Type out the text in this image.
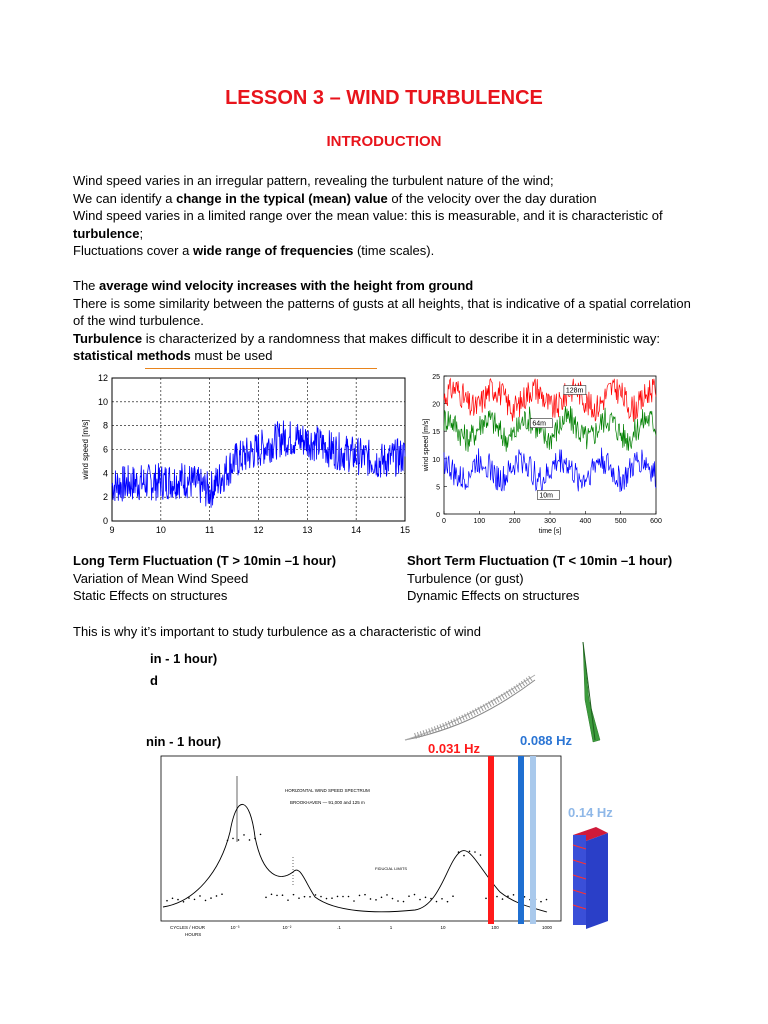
LESSON 3 – WIND TURBULENCE
INTRODUCTION

Wind speed varies in an irregular pattern, revealing the turbulent nature of the wind;

We can identify a change in the typical (mean) value of the velocity over the day duration

Wind speed varies in a limited range over the mean value: this is measurable, and it is characteristic of turbulence;

Fluctuations cover a wide range of frequencies (time scales).

The average wind velocity increases with the height from ground

There is some similarity between the patterns of gusts at all heights, that is indicative of a spatial correlation of the wind turbulence.

Turbulence is characterized by a randomness that makes difficult to describe it in a deterministic way: statistical methods must be used

0
2
4
6
8
10
12
9	10	11	12	13	14	15
wind speed [m/s]
0
5
10
15
20
25
0	100	200	300	400	500	600
time [s]
wind speed [m/s]
128m
64m
10m

Long Term Fluctuation (T > 10min –1 hour)

Variation of Mean Wind Speed

Static Effects on structures

Short Term Fluctuation (T < 10min –1 hour)

Turbulence (or gust)

Dynamic Effects on structures

This is why it’s important to study turbulence as a characteristic of wind
in - 1 hour)
d
nin - 1 hour)	0.031 Hz
0.088 Hz
0.14 Hz
HORIZONTAL WIND SPEED SPECTRUM
BROOKHAVEN — 91,000 and 125 m
FIDUCIAL LIMITS
CYCLES / HOUR
HOURS
10⁻³	10⁻²	.1	1	10	100	1000
